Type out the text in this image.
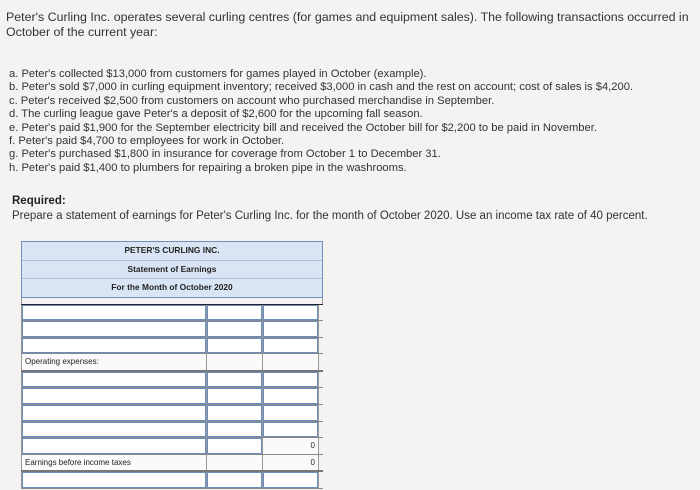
Peter's Curling Inc. operates several curling centres (for games and equipment sales). The following transactions occurred in October of the current year:
a. Peter's collected $13,000 from customers for games played in October (example).
b. Peter's sold $7,000 in curling equipment inventory; received $3,000 in cash and the rest on account; cost of sales is $4,200.
c. Peter's received $2,500 from customers on account who purchased merchandise in September.
d. The curling league gave Peter's a deposit of $2,600 for the upcoming fall season.
e. Peter's paid $1,900 for the September electricity bill and received the October bill for $2,200 to be paid in November.
f. Peter's paid $4,700 to employees for work in October.
g. Peter's purchased $1,800 in insurance for coverage from October 1 to December 31.
h. Peter's paid $1,400 to plumbers for repairing a broken pipe in the washrooms.
Required:
Prepare a statement of earnings for Peter's Curling Inc. for the month of October 2020. Use an income tax rate of 40 percent.
PETER'S CURLING INC.
Statement of Earnings
For the Month of October 2020
Operating expenses:
0
Earnings before income taxes	0
